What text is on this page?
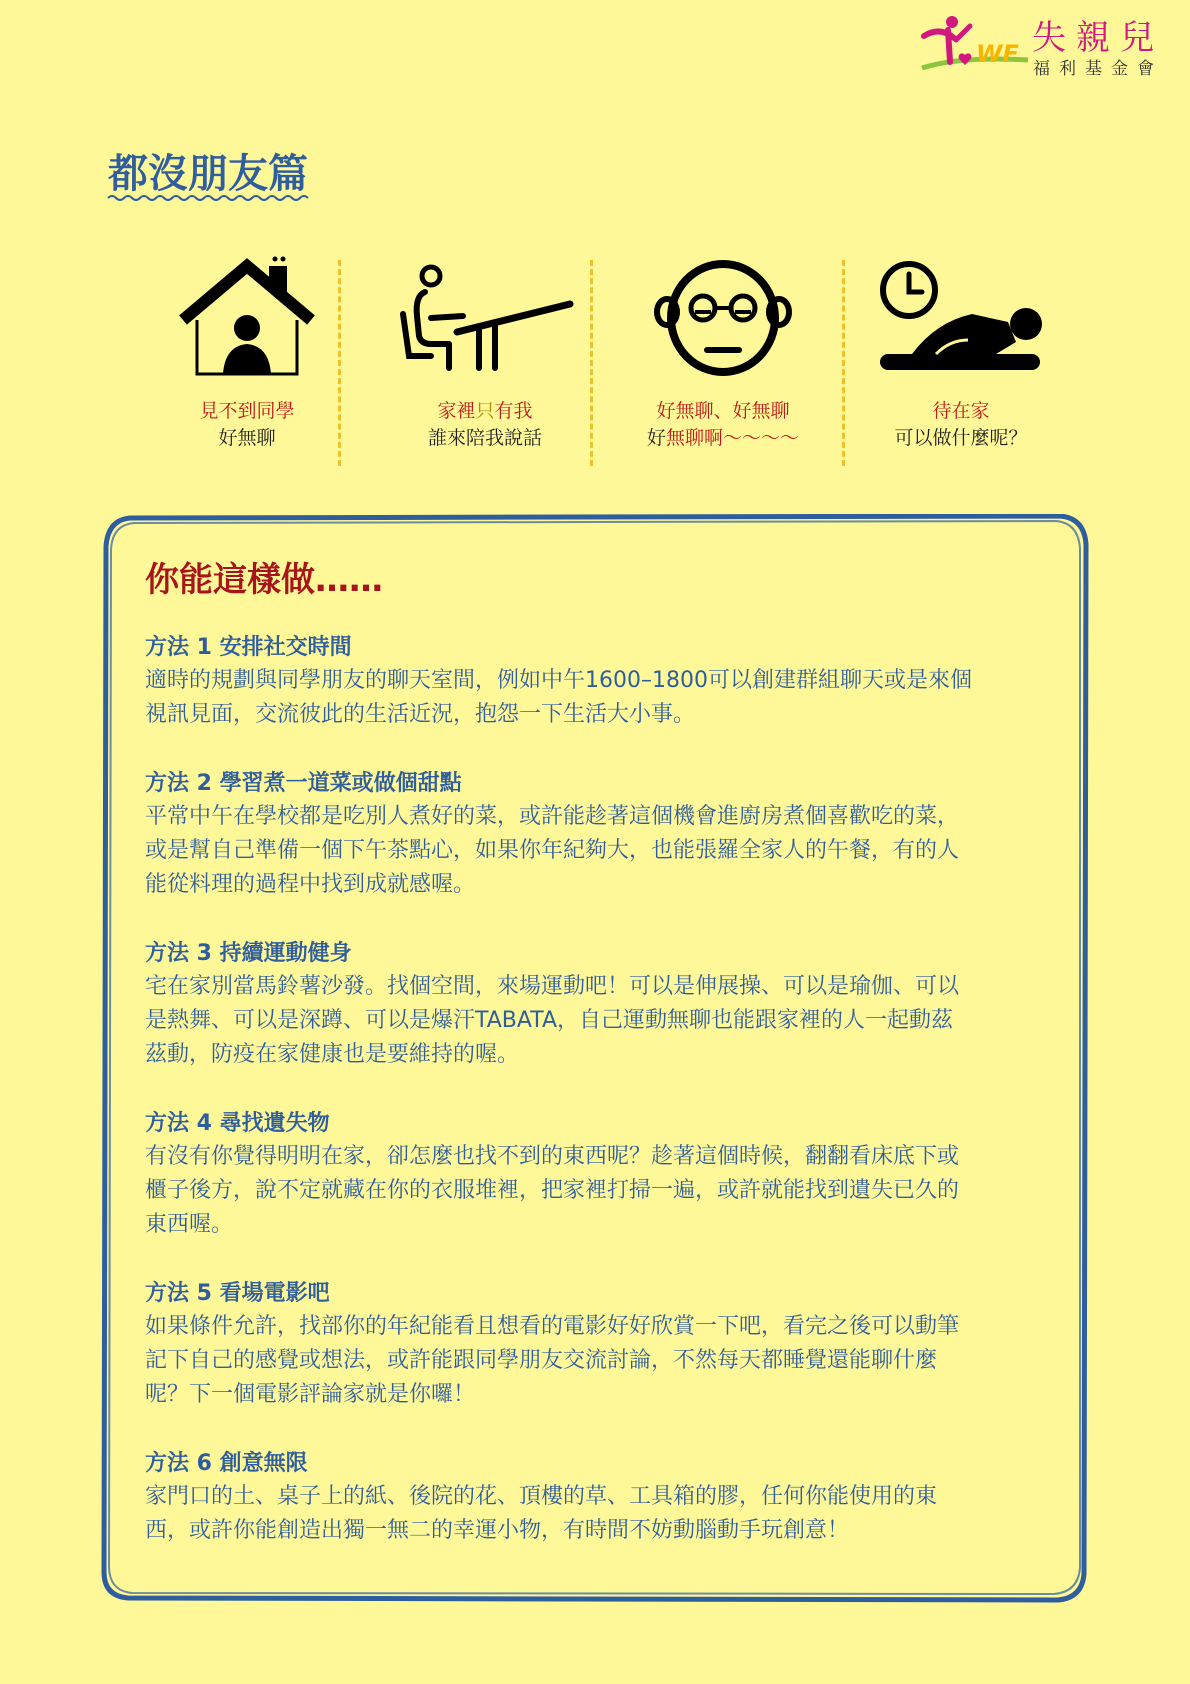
WF 失親兒
福利基金會
都沒朋友篇
見不到同學
好無聊
家裡只有我
誰來陪我說話
好無聊、好無聊
好無聊啊～～～～
待在家
可以做什麼呢？
你能這樣做……
方法 1 安排社交時間
適時的規劃與同學朋友的聊天室間，例如中午1600–1800可以創建群組聊天或是來個
視訊見面，交流彼此的生活近況，抱怨一下生活大小事。
方法 2 學習煮一道菜或做個甜點
平常中午在學校都是吃別人煮好的菜，或許能趁著這個機會進廚房煮個喜歡吃的菜，
或是幫自己準備一個下午茶點心，如果你年紀夠大，也能張羅全家人的午餐，有的人
能從料理的過程中找到成就感喔。
方法 3 持續運動健身
宅在家別當馬鈴薯沙發。找個空間，來場運動吧！可以是伸展操、可以是瑜伽、可以
是熱舞、可以是深蹲、可以是爆汗TABATA，自己運動無聊也能跟家裡的人一起動茲
茲動，防疫在家健康也是要維持的喔。
方法 4 尋找遺失物
有沒有你覺得明明在家，卻怎麼也找不到的東西呢？趁著這個時候，翻翻看床底下或
櫃子後方，說不定就藏在你的衣服堆裡，把家裡打掃一遍，或許就能找到遺失已久的
東西喔。
方法 5 看場電影吧
如果條件允許，找部你的年紀能看且想看的電影好好欣賞一下吧，看完之後可以動筆
記下自己的感覺或想法，或許能跟同學朋友交流討論，不然每天都睡覺還能聊什麼
呢？下一個電影評論家就是你囉！
方法 6 創意無限
家門口的土、桌子上的紙、後院的花、頂樓的草、工具箱的膠，任何你能使用的東
西，或許你能創造出獨一無二的幸運小物，有時間不妨動腦動手玩創意！
